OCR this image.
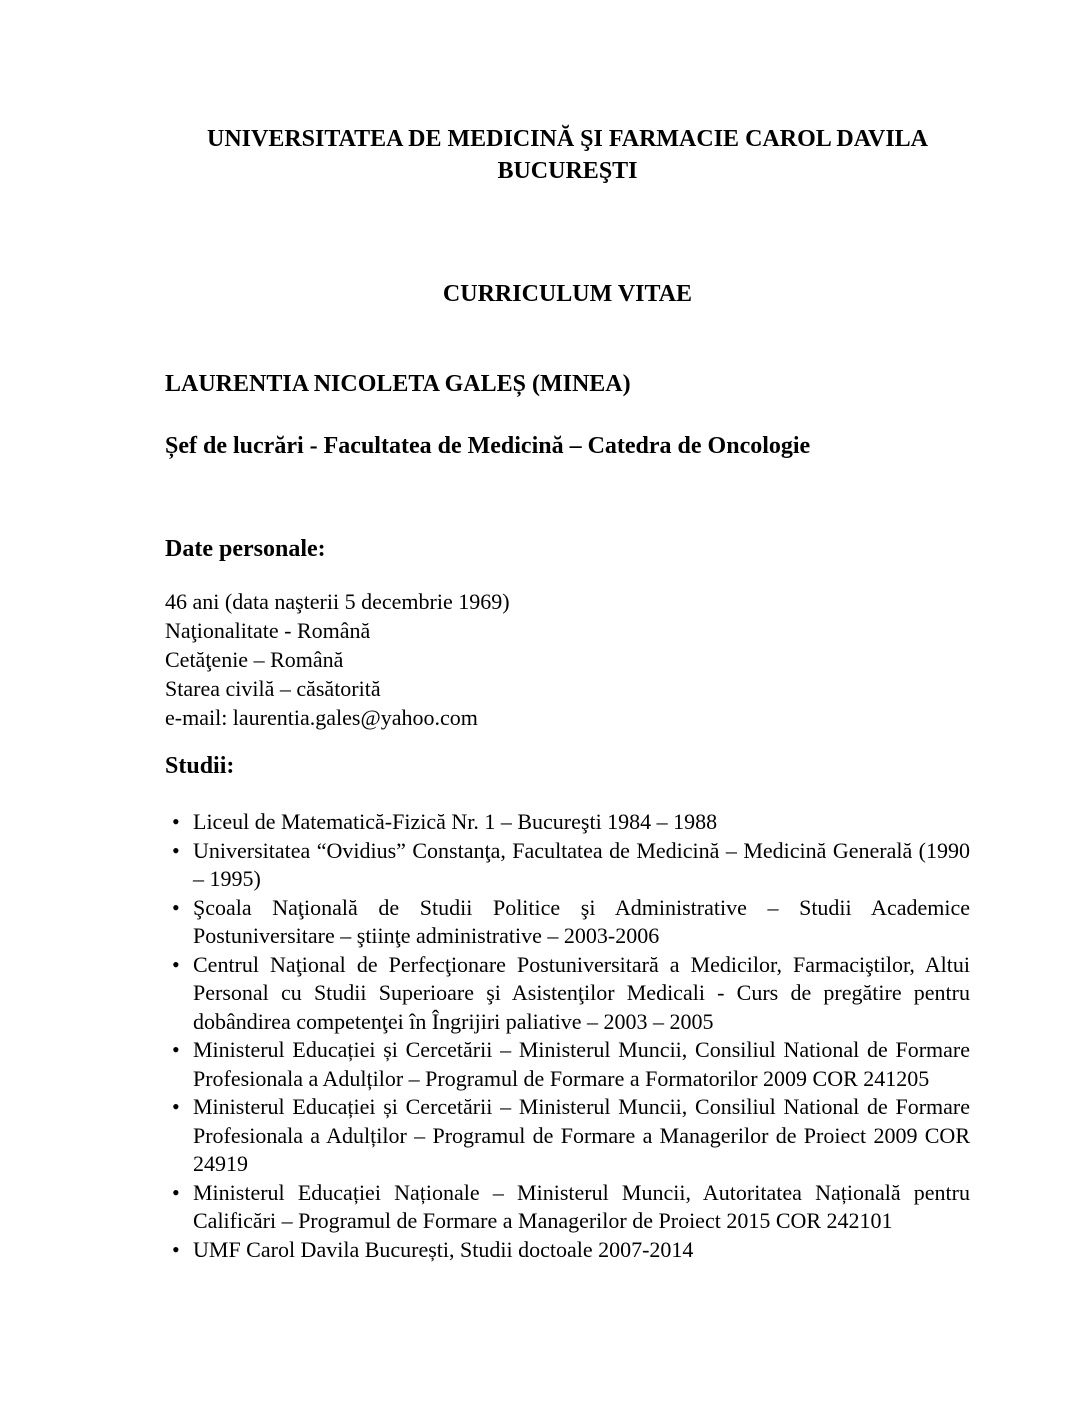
UNIVERSITATEA DE MEDICINĂ ŞI FARMACIE CAROL DAVILA
BUCUREŞTI
CURRICULUM VITAE
LAURENTIA NICOLETA GALEȘ (MINEA)
Șef de lucrări - Facultatea de Medicină – Catedra de Oncologie
Date personale:
46 ani (data naşterii 5 decembrie 1969)
Naţionalitate - Română
Cetăţenie – Română
Starea civilă – căsătorită
e-mail: laurentia.gales@yahoo.com
Studii:
• Liceul de Matematică-Fizică Nr. 1 – Bucureşti 1984 – 1988
• Universitatea “Ovidius” Constanţa, Facultatea de Medicină – Medicină Generală (1990 – 1995)
• Şcoala Naţională de Studii Politice şi Administrative – Studii Academice Postuniversitare – ştiinţe administrative – 2003-2006
• Centrul Naţional de Perfecţionare Postuniversitară a Medicilor, Farmaciştilor, Altui Personal cu Studii Superioare şi Asistenţilor Medicali - Curs de pregătire pentru dobândirea competenţei în Îngrijiri paliative – 2003 – 2005
• Ministerul Educației și Cercetării – Ministerul Muncii, Consiliul National de Formare Profesionala a Adulților – Programul de Formare a Formatorilor 2009 COR 241205
• Ministerul Educației și Cercetării – Ministerul Muncii, Consiliul National de Formare Profesionala a Adulților – Programul de Formare a Managerilor de Proiect 2009 COR 24919
• Ministerul Educației Naționale – Ministerul Muncii, Autoritatea Națională pentru Calificări – Programul de Formare a Managerilor de Proiect 2015 COR 242101
• UMF Carol Davila București, Studii doctoale 2007-2014
